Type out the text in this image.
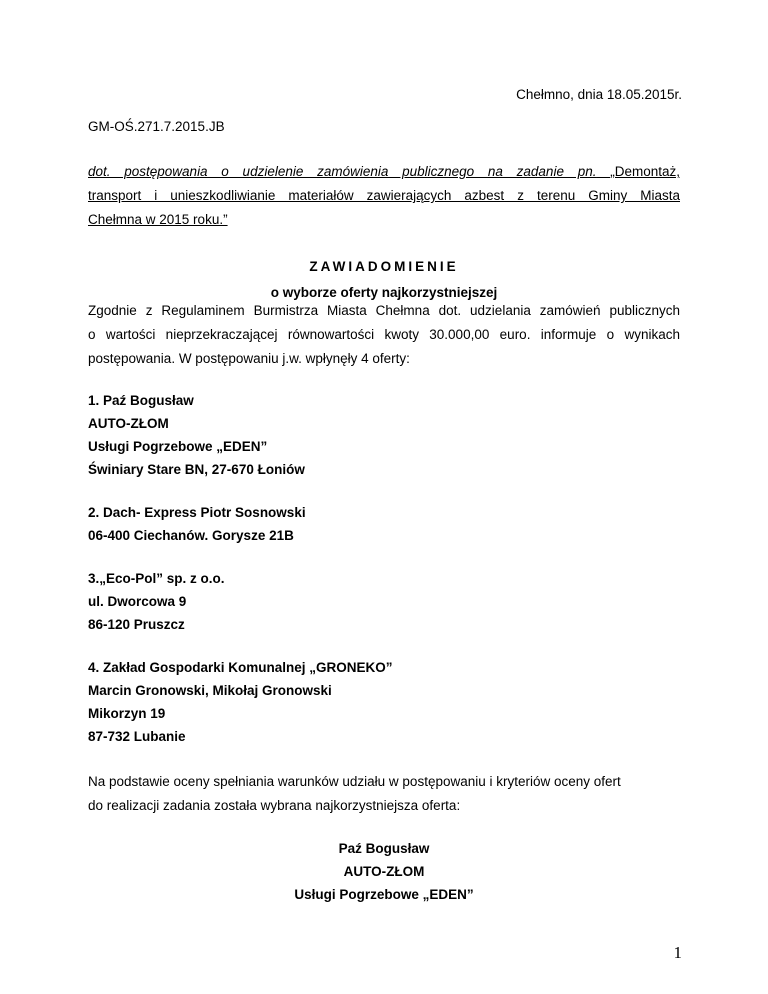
Chełmno, dnia 18.05.2015r.
GM-OŚ.271.7.2015.JB
dot. postępowania o udzielenie zamówienia publicznego na zadanie pn. „Demontaż,
transport i unieszkodliwianie materiałów zawierających azbest z terenu Gminy Miasta
Chełmna w 2015 roku.”
ZAWIADOMIENIE
o wyborze oferty najkorzystniejszej
Zgodnie z Regulaminem Burmistrza Miasta Chełmna dot. udzielania zamówień publicznych
o wartości nieprzekraczającej równowartości kwoty 30.000,00 euro. informuje o wynikach
postępowania. W postępowaniu j.w. wpłynęły 4 oferty:
1. Paź Bogusław
AUTO-ZŁOM
Usługi Pogrzebowe „EDEN”
Świniary Stare BN, 27-670 Łoniów
2. Dach- Express Piotr Sosnowski
06-400 Ciechanów. Gorysze 21B
3.„Eco-Pol” sp. z o.o.
ul. Dworcowa 9
86-120 Pruszcz
4. Zakład Gospodarki Komunalnej „GRONEKO”
Marcin Gronowski, Mikołaj Gronowski
Mikorzyn 19
87-732 Lubanie
Na podstawie oceny spełniania warunków udziału w postępowaniu i kryteriów oceny ofert
do realizacji zadania została wybrana najkorzystniejsza oferta:
Paź Bogusław
AUTO-ZŁOM
Usługi Pogrzebowe „EDEN”
1
